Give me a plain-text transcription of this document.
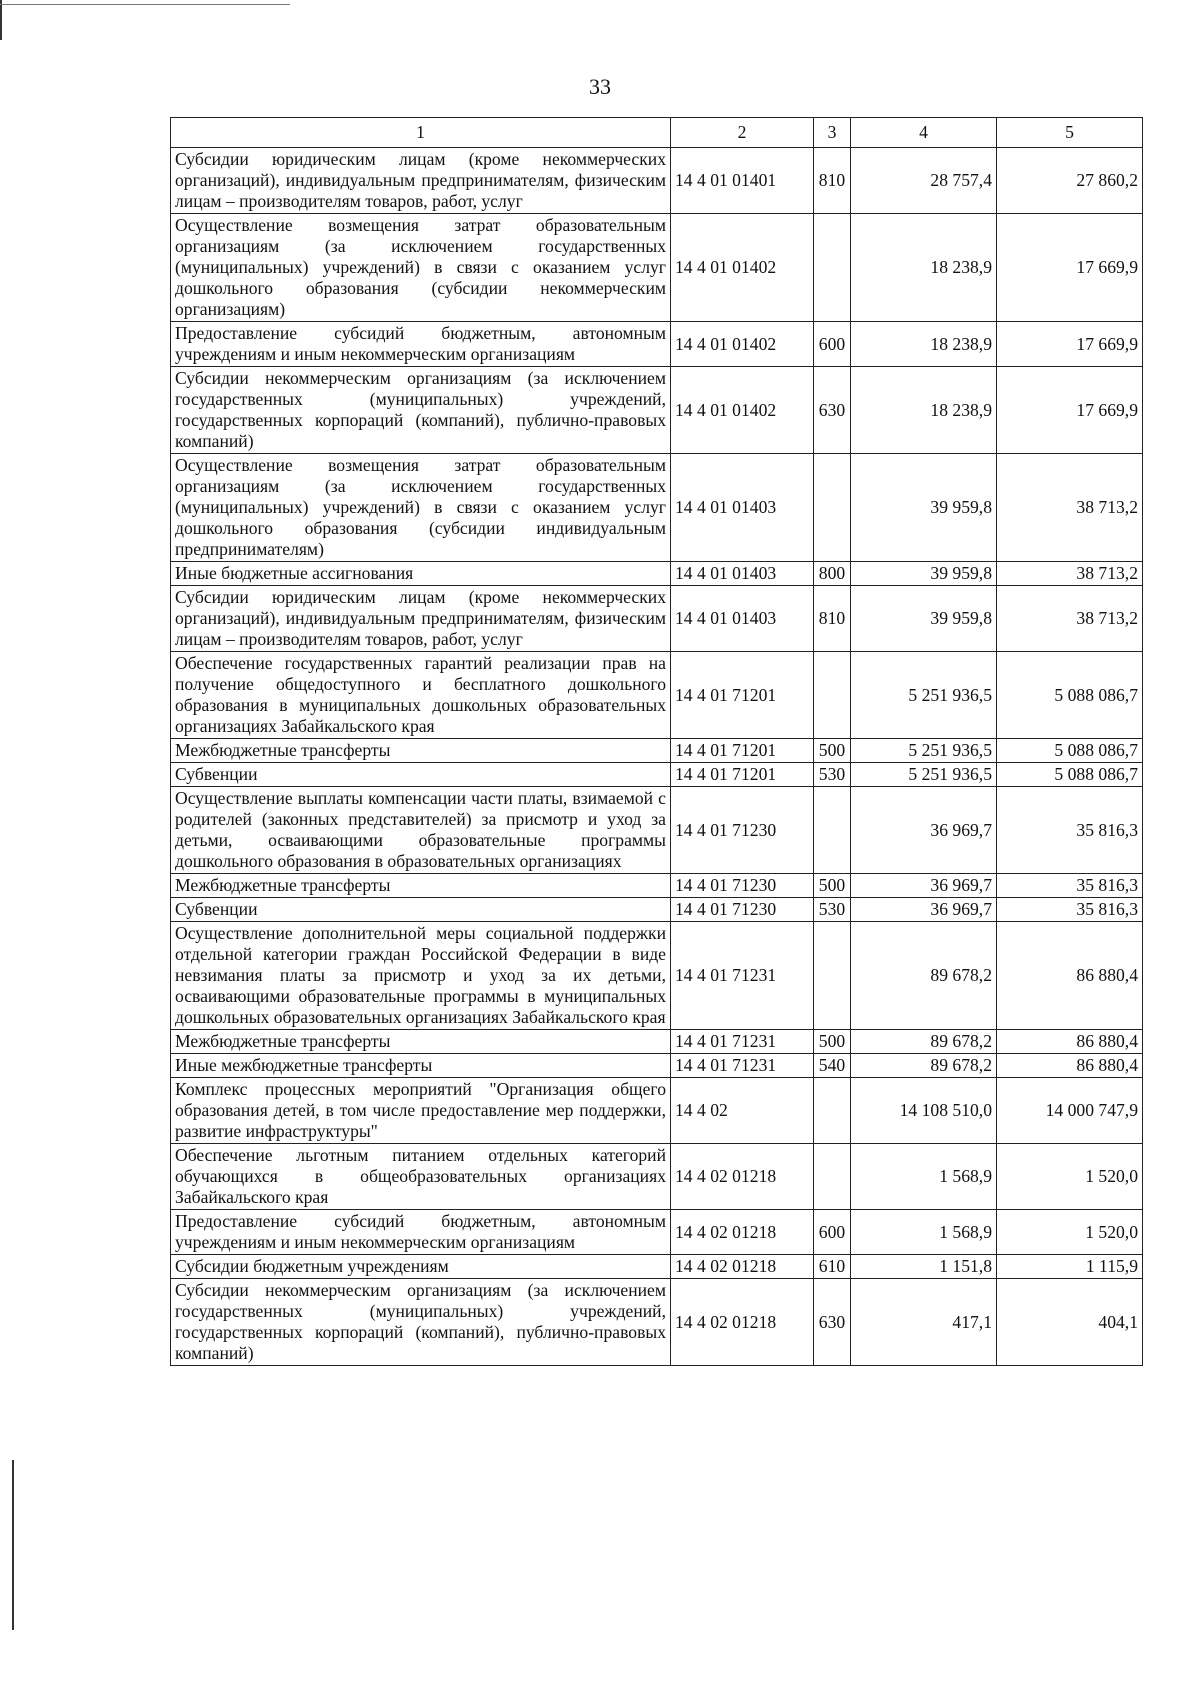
33
1	2	3	4	5
Субсидии юридическим лицам (кроме некоммерческих организаций), индивидуальным предпринимателям, физическим лицам – производителям товаров, работ, услуг	14 4 01 01401	810	28 757,4	27 860,2
Осуществление возмещения затрат образовательным организациям (за исключением государственных (муниципальных) учреждений) в связи с оказанием услуг дошкольного образования (субсидии некоммерческим организациям)	14 4 01 01402		18 238,9	17 669,9
Предоставление субсидий бюджетным, автономным учреждениям и иным некоммерческим организациям	14 4 01 01402	600	18 238,9	17 669,9
Субсидии некоммерческим организациям (за исключением государственных (муниципальных) учреждений, государственных корпораций (компаний), публично-правовых компаний)	14 4 01 01402	630	18 238,9	17 669,9
Осуществление возмещения затрат образовательным организациям (за исключением государственных (муниципальных) учреждений) в связи с оказанием услуг дошкольного образования (субсидии индивидуальным предпринимателям)	14 4 01 01403		39 959,8	38 713,2
Иные бюджетные ассигнования	14 4 01 01403	800	39 959,8	38 713,2
Субсидии юридическим лицам (кроме некоммерческих организаций), индивидуальным предпринимателям, физическим лицам – производителям товаров, работ, услуг	14 4 01 01403	810	39 959,8	38 713,2
Обеспечение государственных гарантий реализации прав на получение общедоступного и бесплатного дошкольного образования в муниципальных дошкольных образовательных организациях Забайкальского края	14 4 01 71201		5 251 936,5	5 088 086,7
Межбюджетные трансферты	14 4 01 71201	500	5 251 936,5	5 088 086,7
Субвенции	14 4 01 71201	530	5 251 936,5	5 088 086,7
Осуществление выплаты компенсации части платы, взимаемой с родителей (законных представителей) за присмотр и уход за детьми, осваивающими образовательные программы дошкольного образования в образовательных организациях	14 4 01 71230		36 969,7	35 816,3
Межбюджетные трансферты	14 4 01 71230	500	36 969,7	35 816,3
Субвенции	14 4 01 71230	530	36 969,7	35 816,3
Осуществление дополнительной меры социальной поддержки отдельной категории граждан Российской Федерации в виде невзимания платы за присмотр и уход за их детьми, осваивающими образовательные программы в муниципальных дошкольных образовательных организациях Забайкальского края	14 4 01 71231		89 678,2	86 880,4
Межбюджетные трансферты	14 4 01 71231	500	89 678,2	86 880,4
Иные межбюджетные трансферты	14 4 01 71231	540	89 678,2	86 880,4
Комплекс процессных мероприятий "Организация общего образования детей, в том числе предоставление мер поддержки, развитие инфраструктуры"	14 4 02		14 108 510,0	14 000 747,9
Обеспечение льготным питанием отдельных категорий обучающихся в общеобразовательных организациях Забайкальского края	14 4 02 01218		1 568,9	1 520,0
Предоставление субсидий бюджетным, автономным учреждениям и иным некоммерческим организациям	14 4 02 01218	600	1 568,9	1 520,0
Субсидии бюджетным учреждениям	14 4 02 01218	610	1 151,8	1 115,9
Субсидии некоммерческим организациям (за исключением государственных (муниципальных) учреждений, государственных корпораций (компаний), публично-правовых компаний)	14 4 02 01218	630	417,1	404,1
